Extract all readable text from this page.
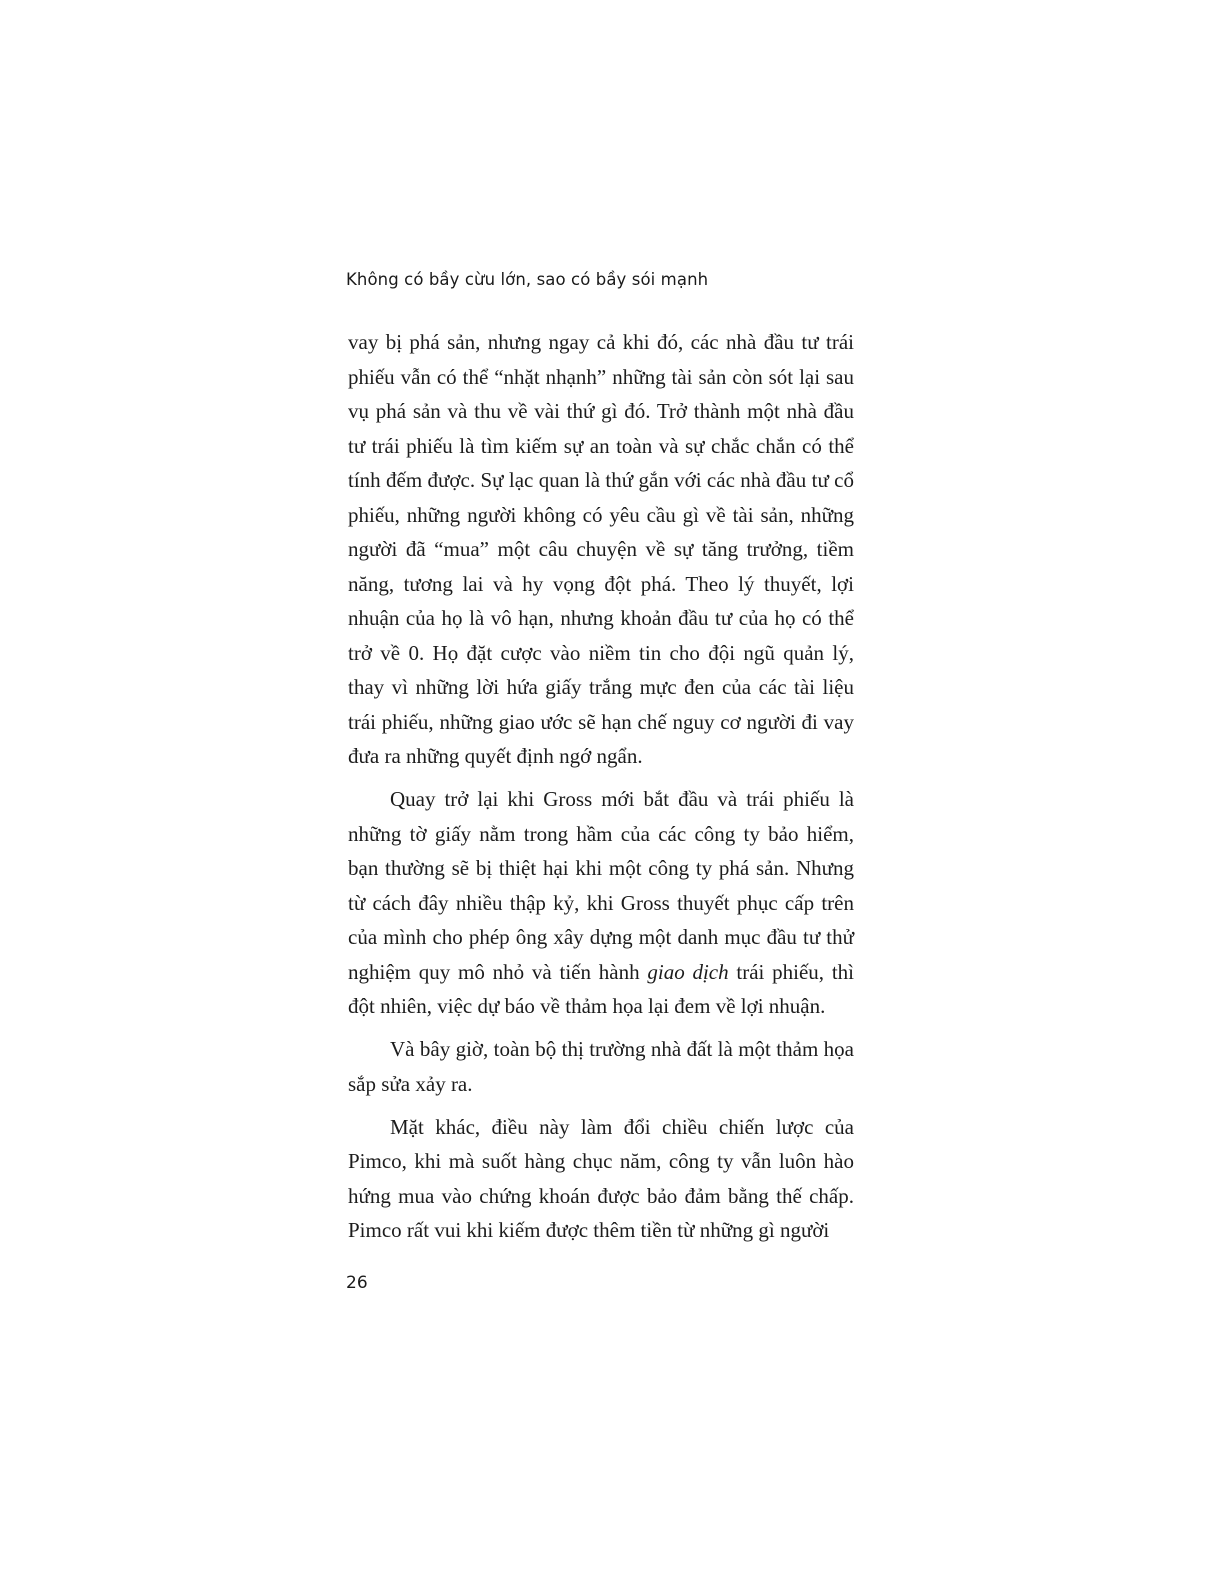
Không có bầy cừu lớn, sao có bầy sói mạnh

vay bị phá sản, nhưng ngay cả khi đó, các nhà đầu tư trái phiếu vẫn có thể “nhặt nhạnh” những tài sản còn sót lại sau vụ phá sản và thu về vài thứ gì đó. Trở thành một nhà đầu tư trái phiếu là tìm kiếm sự an toàn và sự chắc chắn có thể tính đếm được. Sự lạc quan là thứ gắn với các nhà đầu tư cổ phiếu, những người không có yêu cầu gì về tài sản, những người đã “mua” một câu chuyện về sự tăng trưởng, tiềm năng, tương lai và hy vọng đột phá. Theo lý thuyết, lợi nhuận của họ là vô hạn, nhưng khoản đầu tư của họ có thể trở về 0. Họ đặt cược vào niềm tin cho đội ngũ quản lý, thay vì những lời hứa giấy trắng mực đen của các tài liệu trái phiếu, những giao ước sẽ hạn chế nguy cơ người đi vay đưa ra những quyết định ngớ ngẩn.

Quay trở lại khi Gross mới bắt đầu và trái phiếu là những tờ giấy nằm trong hầm của các công ty bảo hiểm, bạn thường sẽ bị thiệt hại khi một công ty phá sản. Nhưng từ cách đây nhiều thập kỷ, khi Gross thuyết phục cấp trên của mình cho phép ông xây dựng một danh mục đầu tư thử nghiệm quy mô nhỏ và tiến hành giao dịch trái phiếu, thì đột nhiên, việc dự báo về thảm họa lại đem về lợi nhuận.

Và bây giờ, toàn bộ thị trường nhà đất là một thảm họa sắp sửa xảy ra.

Mặt khác, điều này làm đổi chiều chiến lược của Pimco, khi mà suốt hàng chục năm, công ty vẫn luôn hào hứng mua vào chứng khoán được bảo đảm bằng thế chấp. Pimco rất vui khi kiếm được thêm tiền từ những gì người

26
